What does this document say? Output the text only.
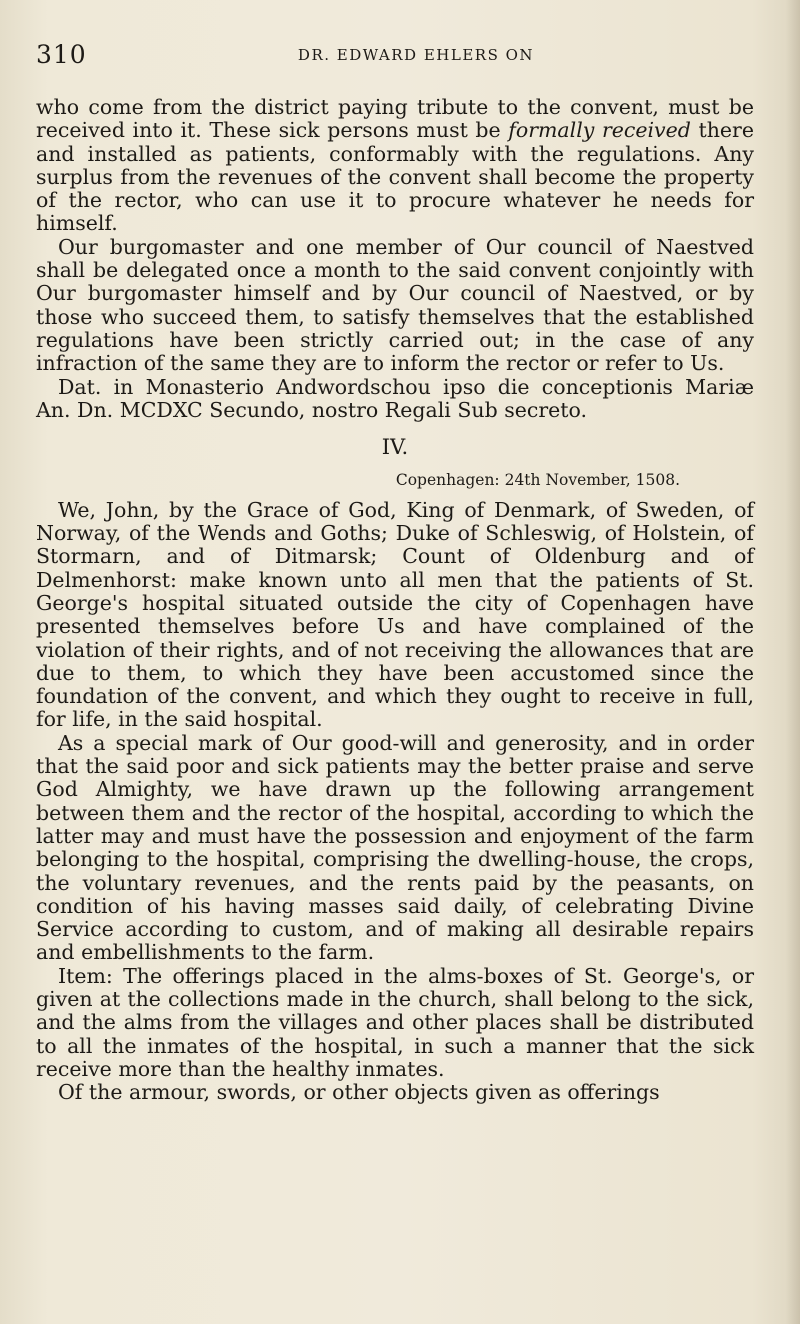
310	DR. EDWARD EHLERS ON

who come from the district paying tribute to the convent, must be received into it. These sick persons must be formally received there and installed as patients, conformably with the regulations. Any surplus from the revenues of the convent shall become the property of the rector, who can use it to procure whatever he needs for himself.

Our burgomaster and one member of Our council of Naestved shall be delegated once a month to the said convent conjointly with Our burgomaster himself and by Our council of Naestved, or by those who succeed them, to satisfy themselves that the established regulations have been strictly carried out; in the case of any infraction of the same they are to inform the rector or refer to Us.

Dat. in Monasterio Andwordschou ipso die conceptionis Mariæ An. Dn. MCDXC Secundo, nostro Regali Sub secreto.

IV.
Copenhagen: 24th November, 1508.

We, John, by the Grace of God, King of Denmark, of Sweden, of Norway, of the Wends and Goths; Duke of Schleswig, of Holstein, of Stormarn, and of Ditmarsk; Count of Oldenburg and of Delmenhorst: make known unto all men that the patients of St. George's hospital situated outside the city of Copenhagen have presented themselves before Us and have complained of the violation of their rights, and of not receiving the allowances that are due to them, to which they have been accustomed since the foundation of the convent, and which they ought to receive in full, for life, in the said hospital.

As a special mark of Our good-will and generosity, and in order that the said poor and sick patients may the better praise and serve God Almighty, we have drawn up the following arrangement between them and the rector of the hospital, according to which the latter may and must have the possession and enjoyment of the farm belonging to the hospital, comprising the dwelling-house, the crops, the voluntary revenues, and the rents paid by the peasants, on condition of his having masses said daily, of celebrating Divine Service according to custom, and of making all desirable repairs and embellishments to the farm.

Item: The offerings placed in the alms-boxes of St. George's, or given at the collections made in the church, shall belong to the sick, and the alms from the villages and other places shall be distributed to all the inmates of the hospital, in such a manner that the sick receive more than the healthy inmates.

Of the armour, swords, or other objects given as offerings
